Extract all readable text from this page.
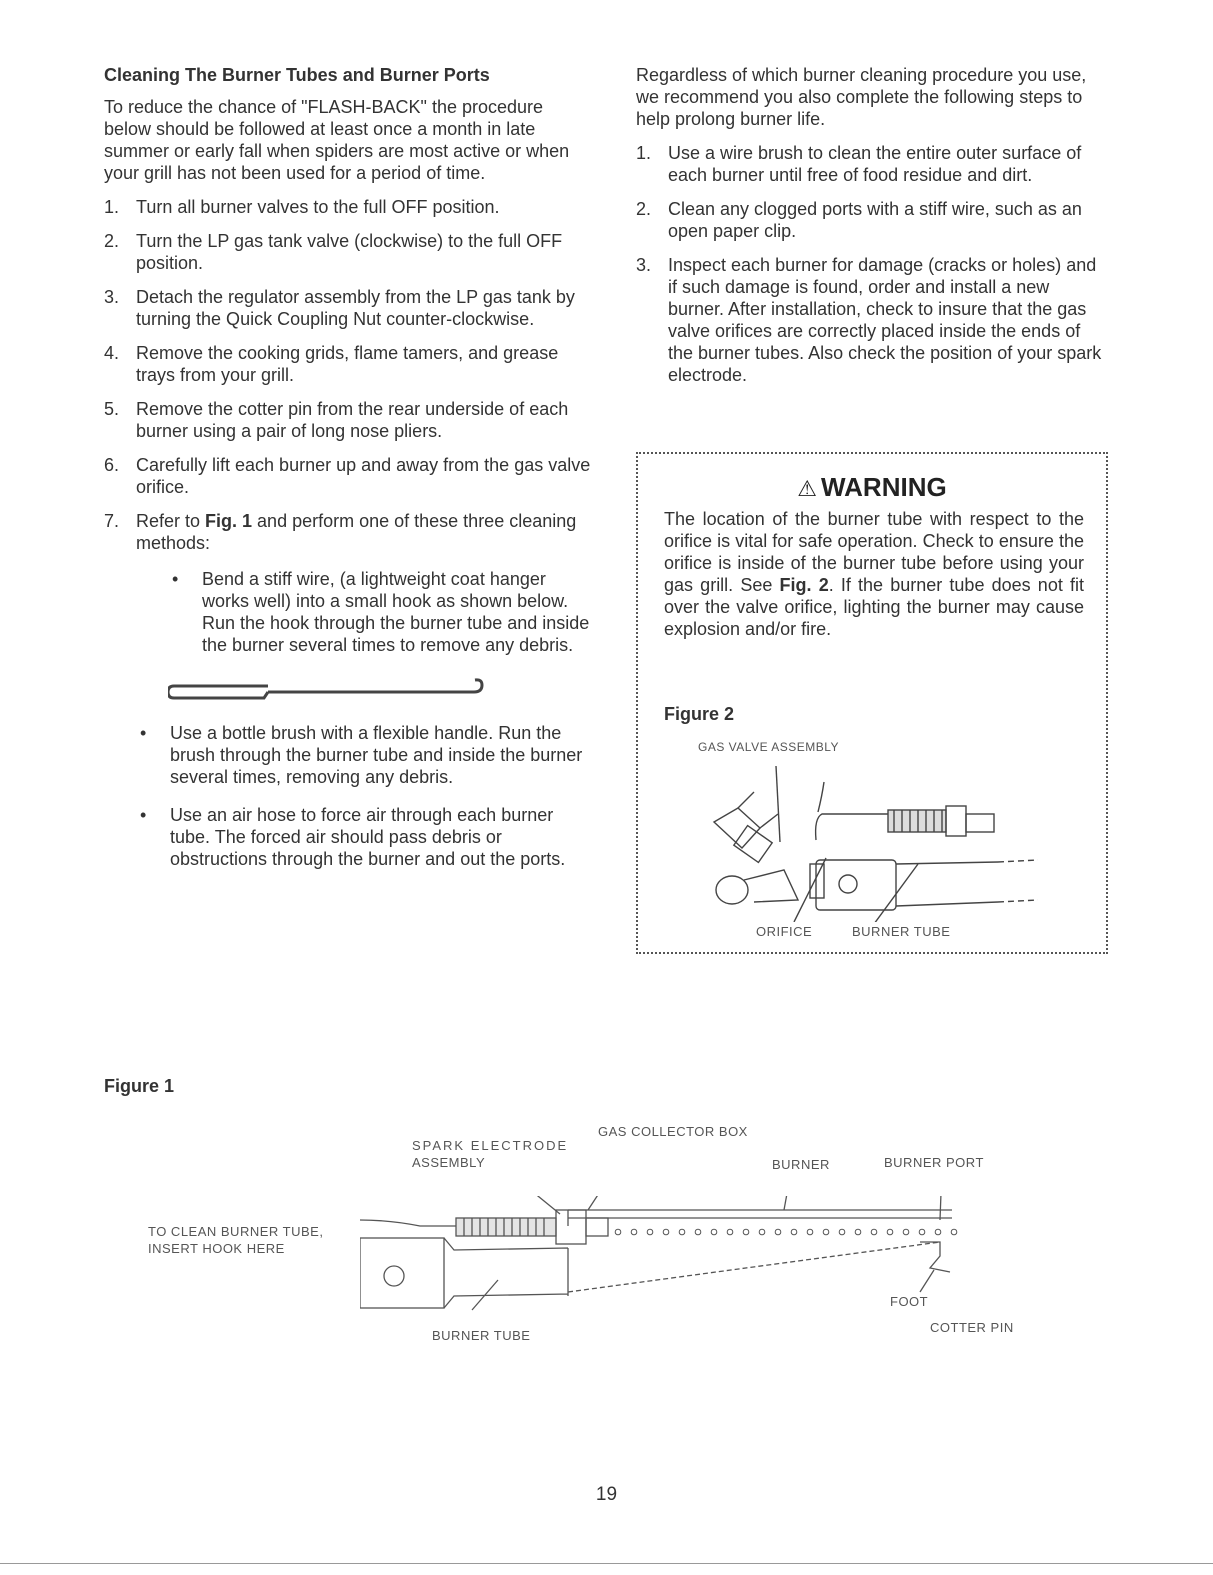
Cleaning The Burner Tubes and Burner Ports
To reduce the chance of "FLASH-BACK" the procedure below should be followed at least once a month in late summer or early fall when spiders are most active or when your grill has not been used for a period of time.
1. Turn all burner valves to the full OFF position.
2. Turn the LP gas tank valve (clockwise) to the full OFF position.
3. Detach the regulator assembly from the LP gas tank by turning the Quick Coupling Nut counter-clockwise.
4. Remove the cooking grids, flame tamers, and grease trays from your grill.
5. Remove the cotter pin from the rear underside of each burner using a pair of long nose pliers.
6. Carefully lift each burner up and away from the gas valve orifice.
7. Refer to Fig. 1 and perform one of these three cleaning methods:
• Bend a stiff wire, (a lightweight coat hanger works well) into a small hook as shown below. Run the hook through the burner tube and inside the burner several times to remove any debris.
• Use a bottle brush with a flexible handle. Run the brush through the burner tube and inside the burner several times, removing any debris.
• Use an air hose to force air through each burner tube. The forced air should pass debris or obstructions through the burner and out the ports.
Regardless of which burner cleaning procedure you use, we recommend you also complete the following steps to help prolong burner life.
1. Use a wire brush to clean the entire outer surface of each burner until free of food residue and dirt.
2. Clean any clogged ports with a stiff wire, such as an open paper clip.
3. Inspect each burner for damage (cracks or holes) and if such damage is found, order and install a new burner. After installation, check to insure that the gas valve orifices are correctly placed inside the ends of the burner tubes. Also check the position of your spark electrode.
⚠ WARNING
The location of the burner tube with respect to the orifice is vital for safe operation. Check to ensure the orifice is inside of the burner tube before using your gas grill. See Fig. 2. If the burner tube does not fit over the valve orifice, lighting the burner may cause explosion and/or fire.
Figure 2
GAS VALVE ASSEMBLY
ORIFICE	BURNER TUBE
Figure 1
GAS COLLECTOR BOX
SPARK ELECTRODE
ASSEMBLY	BURNER	BURNER PORT
TO CLEAN BURNER TUBE,
INSERT HOOK HERE
FOOT
COTTER PIN
BURNER TUBE
19
